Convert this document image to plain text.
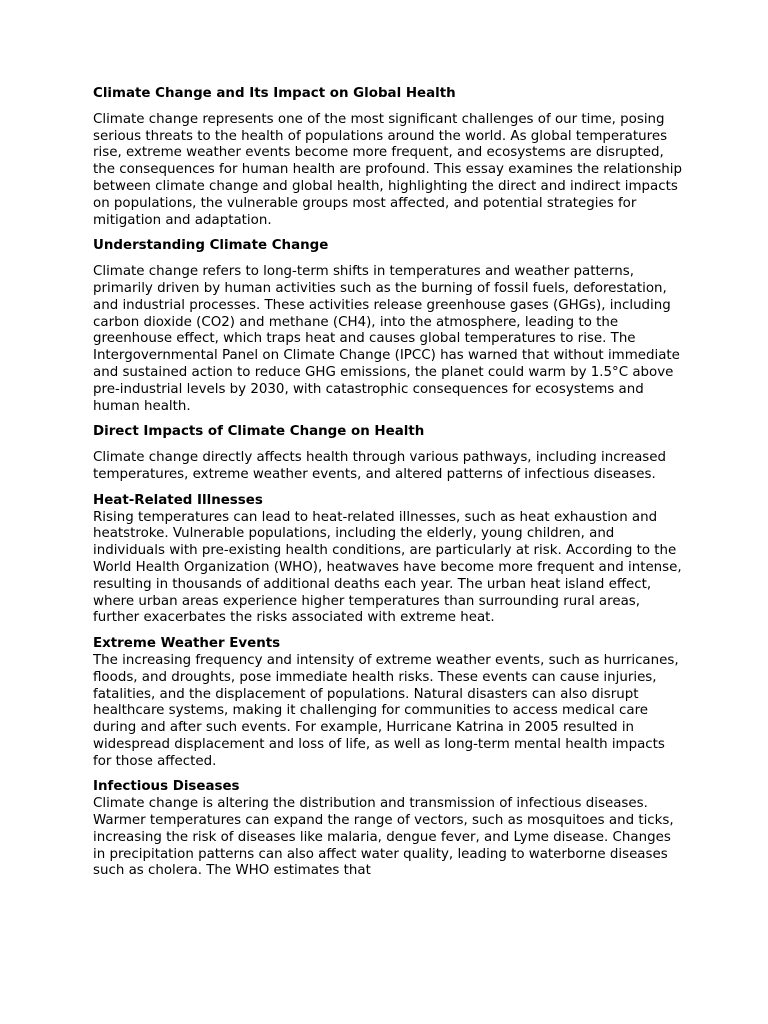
Climate Change and Its Impact on Global Health

Climate change represents one of the most significant challenges of our time, posing serious threats to the health of populations around the world. As global temperatures rise, extreme weather events become more frequent, and ecosystems are disrupted, the consequences for human health are profound. This essay examines the relationship between climate change and global health, highlighting the direct and indirect impacts on populations, the vulnerable groups most affected, and potential strategies for mitigation and adaptation.

Understanding Climate Change

Climate change refers to long-term shifts in temperatures and weather patterns, primarily driven by human activities such as the burning of fossil fuels, deforestation, and industrial processes. These activities release greenhouse gases (GHGs), including carbon dioxide (CO2) and methane (CH4), into the atmosphere, leading to the greenhouse effect, which traps heat and causes global temperatures to rise. The Intergovernmental Panel on Climate Change (IPCC) has warned that without immediate and sustained action to reduce GHG emissions, the planet could warm by 1.5°C above pre-industrial levels by 2030, with catastrophic consequences for ecosystems and human health.

Direct Impacts of Climate Change on Health

Climate change directly affects health through various pathways, including increased temperatures, extreme weather events, and altered patterns of infectious diseases.

Heat-Related Illnesses

Rising temperatures can lead to heat-related illnesses, such as heat exhaustion and heatstroke. Vulnerable populations, including the elderly, young children, and individuals with pre-existing health conditions, are particularly at risk. According to the World Health Organization (WHO), heatwaves have become more frequent and intense, resulting in thousands of additional deaths each year. The urban heat island effect, where urban areas experience higher temperatures than surrounding rural areas, further exacerbates the risks associated with extreme heat.

Extreme Weather Events

The increasing frequency and intensity of extreme weather events, such as hurricanes, floods, and droughts, pose immediate health risks. These events can cause injuries, fatalities, and the displacement of populations. Natural disasters can also disrupt healthcare systems, making it challenging for communities to access medical care during and after such events. For example, Hurricane Katrina in 2005 resulted in widespread displacement and loss of life, as well as long-term mental health impacts for those affected.

Infectious Diseases

Climate change is altering the distribution and transmission of infectious diseases. Warmer temperatures can expand the range of vectors, such as mosquitoes and ticks, increasing the risk of diseases like malaria, dengue fever, and Lyme disease. Changes in precipitation patterns can also affect water quality, leading to waterborne diseases such as cholera. The WHO estimates that
